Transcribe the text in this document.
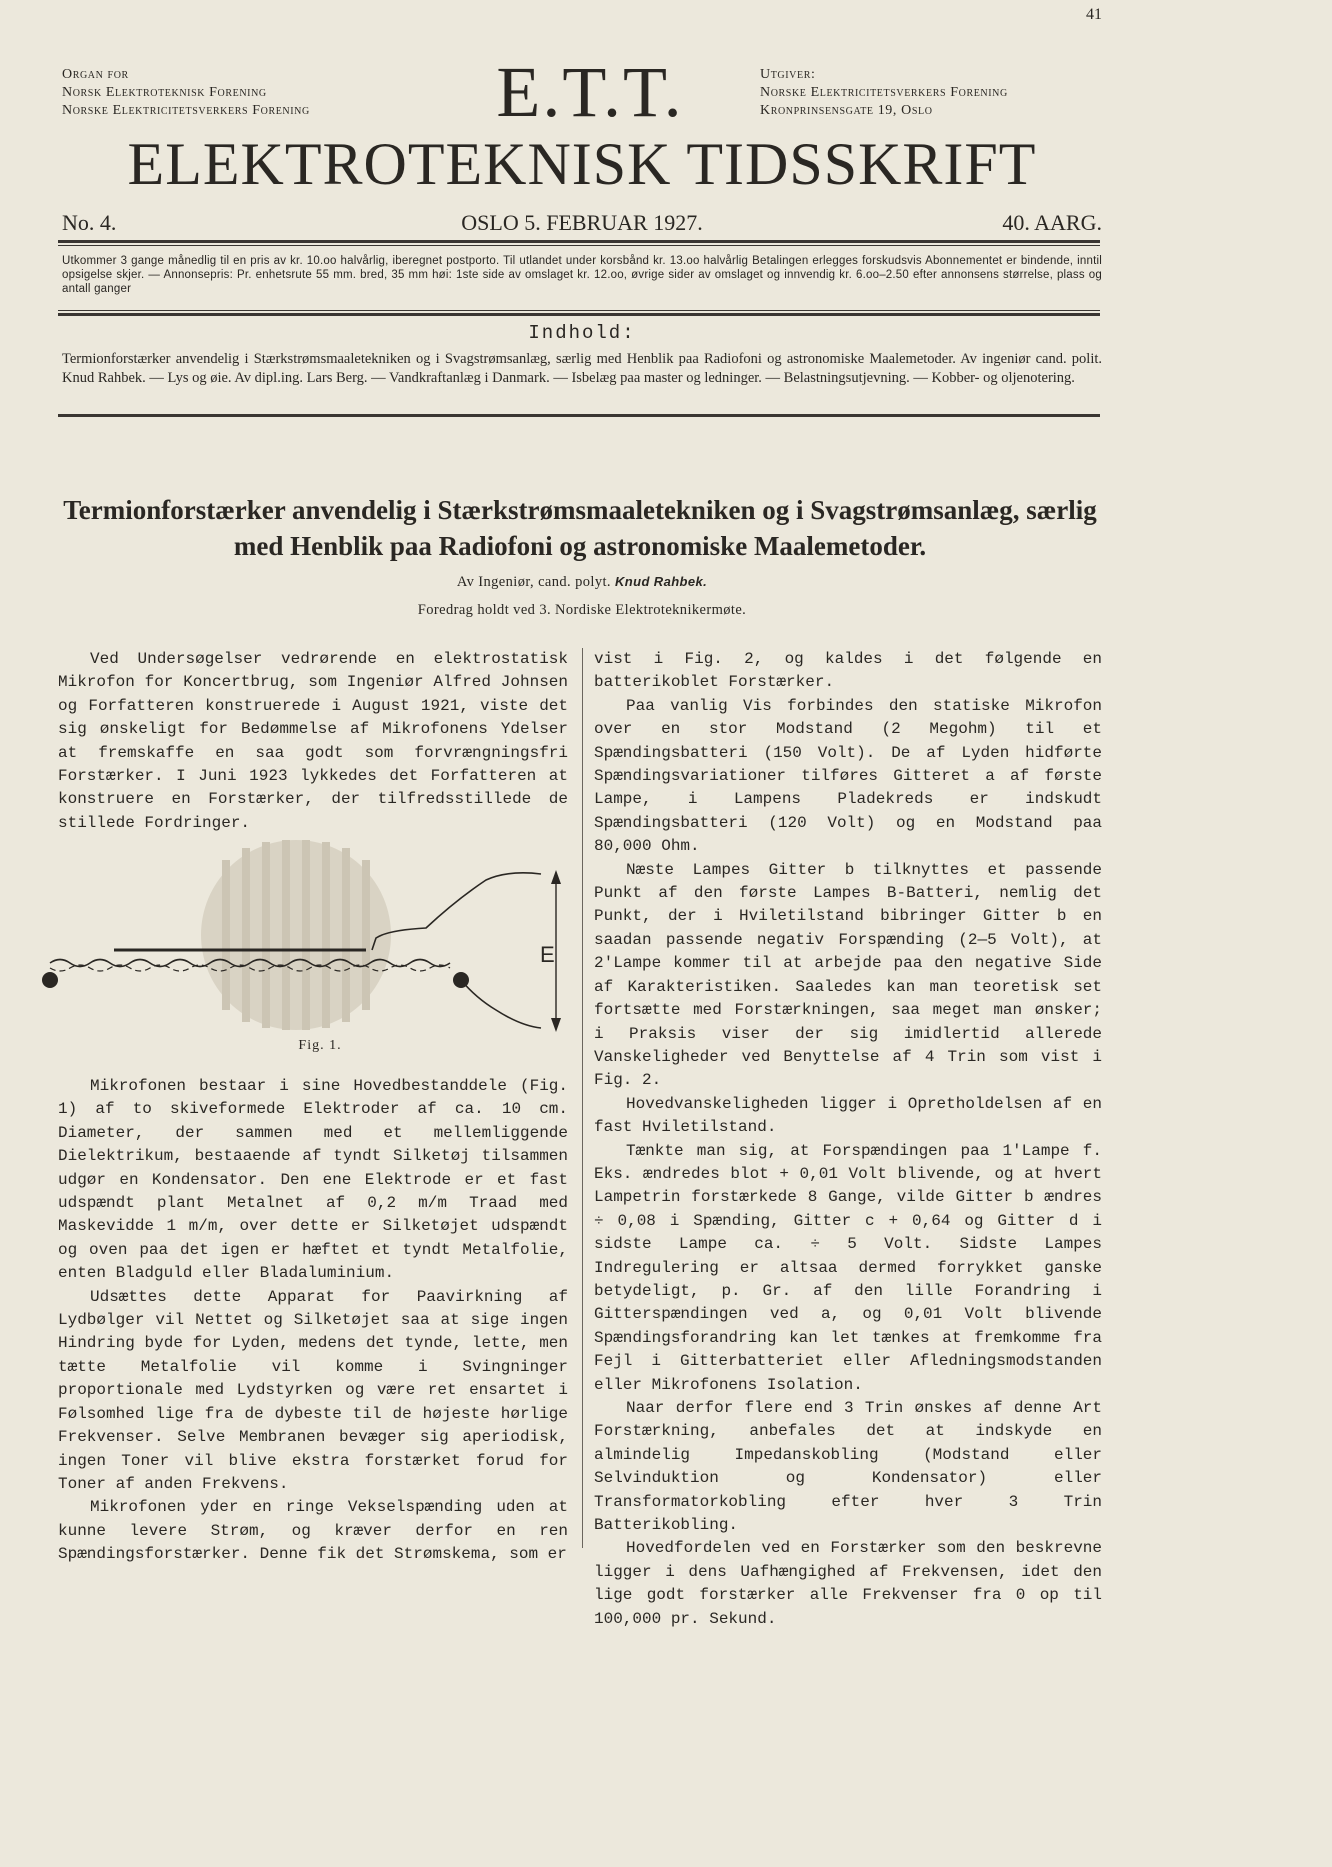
41
Organ for
Norsk Elektroteknisk Forening
Norske Elektricitetsverkers Forening	E.T.T.	Utgiver:
Norske Elektricitetsverkers Forening
Kronprinsensgate 19, Oslo
ELEKTROTEKNISK TIDSSKRIFT
No. 4.	OSLO 5. FEBRUAR 1927.	40. AARG.
Utkommer 3 gange månedlig til en pris av kr. 10.oo halvårlig, iberegnet postporto. Til utlandet under korsbånd kr. 13.oo halvårlig Betalingen erlegges forskudsvis Abonnementet er bindende, inntil opsigelse skjer. — Annonsepris: Pr. enhetsrute 55 mm. bred, 35 mm høi: 1ste side av omslaget kr. 12.oo, øvrige sider av omslaget og innvendig kr. 6.oo–2.50 efter annonsens størrelse, plass og antall ganger
Indhold:
Termionforstærker anvendelig i Stærkstrømsmaaletekniken og i Svagstrømsanlæg, særlig med Henblik paa Radiofoni og astronomiske Maalemetoder. Av ingeniør cand. polit. Knud Rahbek. — Lys og øie. Av dipl.ing. Lars Berg. — Vandkraftanlæg i Danmark. — Isbelæg paa master og ledninger. — Belastningsutjevning. — Kobber- og oljenotering.
Termionforstærker anvendelig i Stærkstrømsmaaletekniken og i Svagstrømsanlæg, særlig med Henblik paa Radiofoni og astronomiske Maalemetoder.
Av Ingeniør, cand. polyt. Knud Rahbek.
Foredrag holdt ved 3. Nordiske Elektroteknikermøte.

Ved Undersøgelser vedrørende en elektrostatisk Mikrofon for Koncertbrug, som Ingeniør Alfred Johnsen og Forfatteren konstruerede i August 1921, viste det sig ønskeligt for Bedømmelse af Mikrofonens Ydelser at fremskaffe en saa godt som forvrængningsfri Forstærker. I Juni 1923 lykkedes det Forfatteren at konstruere en Forstærker, der tilfredsstillede de stillede Fordringer.

E
Fig. 1.

Mikrofonen bestaar i sine Hovedbestanddele (Fig. 1) af to skiveformede Elektroder af ca. 10 cm. Diameter, der sammen med et mellemliggende Dielektrikum, bestaaende af tyndt Silketøj tilsammen udgør en Kondensator. Den ene Elektrode er et fast udspændt plant Metalnet af 0,2 m/m Traad med Maskevidde 1 m/m, over dette er Silketøjet udspændt og oven paa det igen er hæftet et tyndt Metalfolie, enten Bladguld eller Bladaluminium.

Udsættes dette Apparat for Paavirkning af Lydbølger vil Nettet og Silketøjet saa at sige ingen Hindring byde for Lyden, medens det tynde, lette, men tætte Metalfolie vil komme i Svingninger proportionale med Lydstyrken og være ret ensartet i Følsomhed lige fra de dybeste til de højeste hørlige Frekvenser. Selve Membranen bevæger sig aperiodisk, ingen Toner vil blive ekstra forstærket forud for Toner af anden Frekvens.

Mikrofonen yder en ringe Vekselspænding uden at kunne levere Strøm, og kræver derfor en ren Spændingsforstærker. Denne fik det Strømskema, som er

vist i Fig. 2, og kaldes i det følgende en batterikoblet Forstærker.

Paa vanlig Vis forbindes den statiske Mikrofon over en stor Modstand (2 Megohm) til et Spændingsbatteri (150 Volt). De af Lyden hidførte Spændingsvariationer tilføres Gitteret a af første Lampe, i Lampens Pladekreds er indskudt Spændingsbatteri (120 Volt) og en Modstand paa 80,000 Ohm.

Næste Lampes Gitter b tilknyttes et passende Punkt af den første Lampes B-Batteri, nemlig det Punkt, der i Hviletilstand bibringer Gitter b en saadan passende negativ Forspænding (2—5 Volt), at 2'Lampe kommer til at arbejde paa den negative Side af Karakteristiken. Saaledes kan man teoretisk set fortsætte med Forstærkningen, saa meget man ønsker; i Praksis viser der sig imidlertid allerede Vanskeligheder ved Benyttelse af 4 Trin som vist i Fig. 2.

Hovedvanskeligheden ligger i Opretholdelsen af en fast Hviletilstand.

Tænkte man sig, at Forspændingen paa 1'Lampe f. Eks. ændredes blot + 0,01 Volt blivende, og at hvert Lampetrin forstærkede 8 Gange, vilde Gitter b ændres ÷ 0,08 i Spænding, Gitter c + 0,64 og Gitter d i sidste Lampe ca. ÷ 5 Volt. Sidste Lampes Indregulering er altsaa dermed forrykket ganske betydeligt, p. Gr. af den lille Forandring i Gitterspændingen ved a, og 0,01 Volt blivende Spændingsforandring kan let tænkes at fremkomme fra Fejl i Gitterbatteriet eller Afledningsmodstanden eller Mikrofonens Isolation.

Naar derfor flere end 3 Trin ønskes af denne Art Forstærkning, anbefales det at indskyde en almindelig Impedanskobling (Modstand eller Selvinduktion og Kondensator) eller Transformatorkobling efter hver 3 Trin Batterikobling.

Hovedfordelen ved en Forstærker som den beskrevne ligger i dens Uafhængighed af Frekvensen, idet den lige godt forstærker alle Frekvenser fra 0 op til 100,000 pr. Sekund.
